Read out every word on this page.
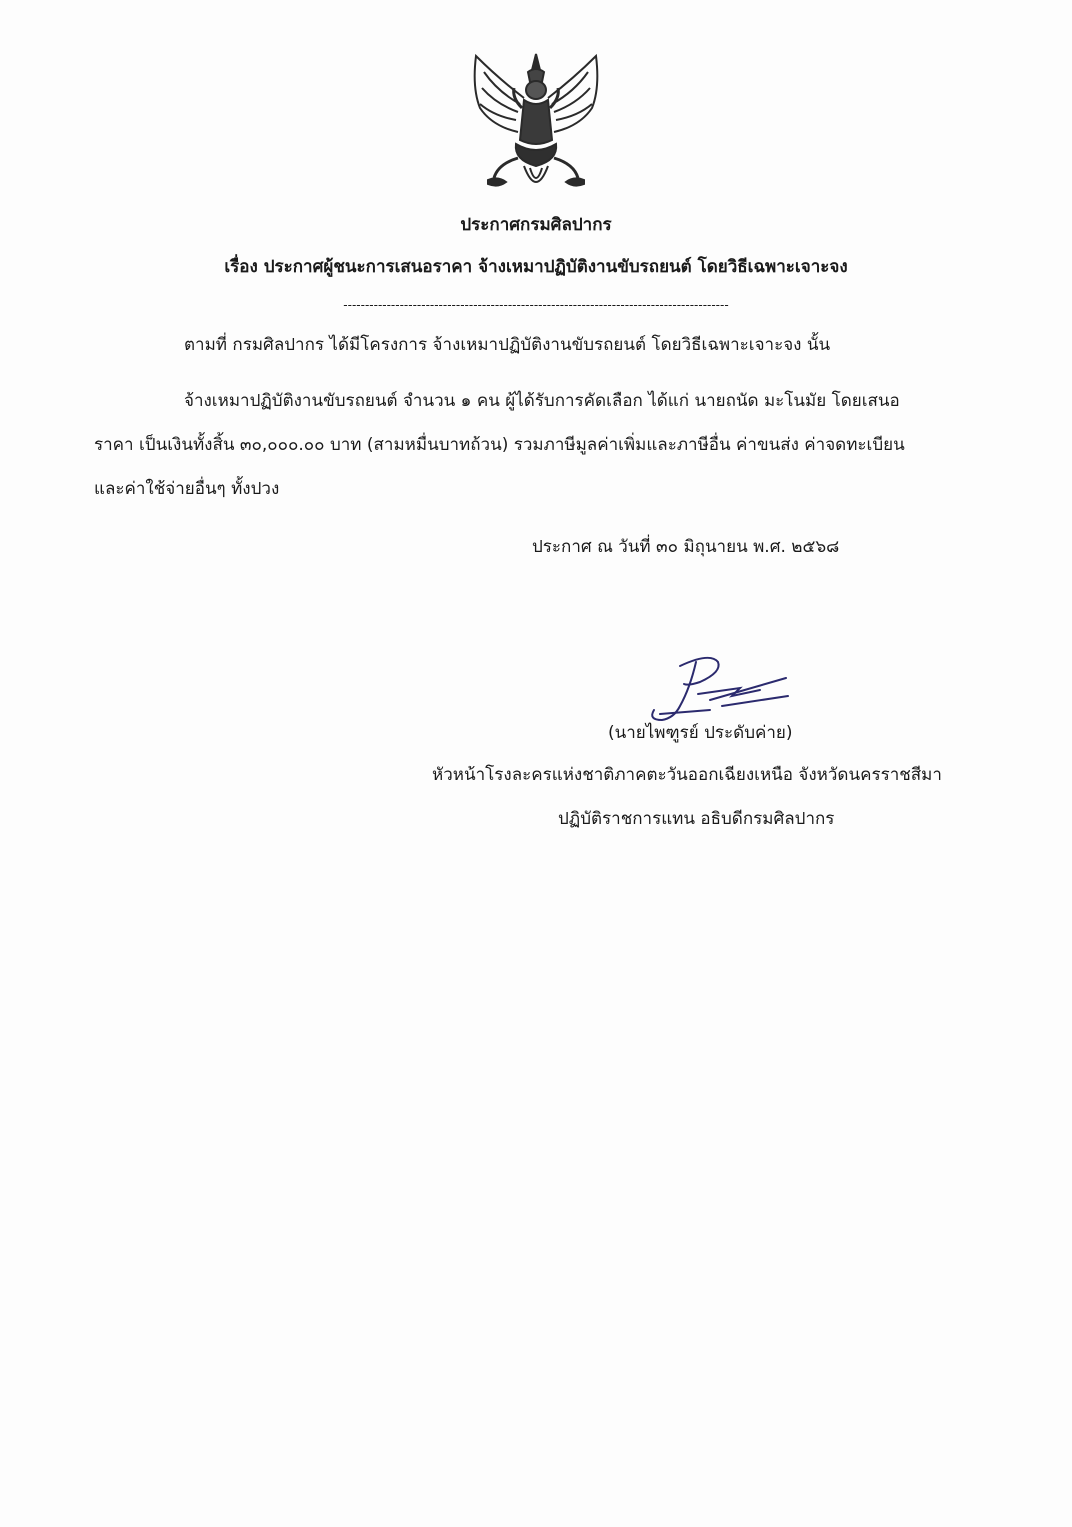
ประกาศกรมศิลปากร
เรื่อง ประกาศผู้ชนะการเสนอราคา จ้างเหมาปฏิบัติงานขับรถยนต์ โดยวิธีเฉพาะเจาะจง
-----------------------------------------------------------------------------------------
ตามที่ กรมศิลปากร ได้มีโครงการ จ้างเหมาปฏิบัติงานขับรถยนต์ โดยวิธีเฉพาะเจาะจง นั้น
จ้างเหมาปฏิบัติงานขับรถยนต์ จำนวน ๑ คน ผู้ได้รับการคัดเลือก ได้แก่ นายถนัด มะโนมัย โดยเสนอ
ราคา เป็นเงินทั้งสิ้น ๓๐,๐๐๐.๐๐ บาท (สามหมื่นบาทถ้วน) รวมภาษีมูลค่าเพิ่มและภาษีอื่น ค่าขนส่ง ค่าจดทะเบียน
และค่าใช้จ่ายอื่นๆ ทั้งปวง
ประกาศ ณ วันที่ ๓๐ มิถุนายน พ.ศ. ๒๕๖๘
(นายไพฑูรย์ ประดับค่าย)
หัวหน้าโรงละครแห่งชาติภาคตะวันออกเฉียงเหนือ จังหวัดนครราชสีมา
ปฏิบัติราชการแทน อธิบดีกรมศิลปากร
